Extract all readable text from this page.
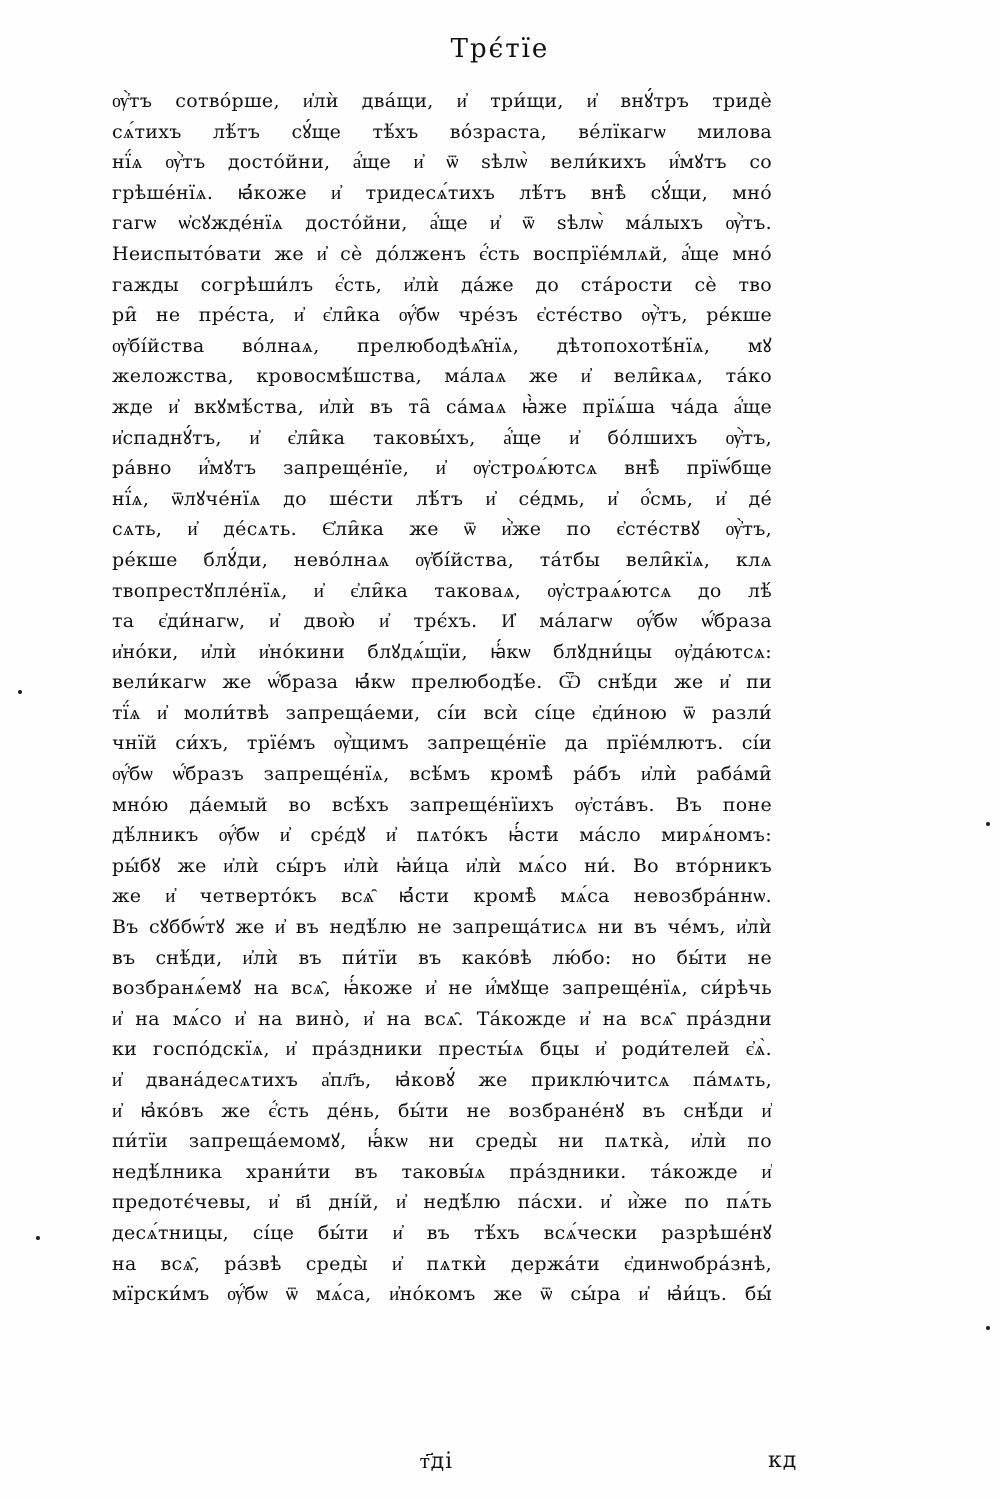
Трє́тїе
ѹ҆̀тъ сотво́рше, и҆лѝ два́щи, и҆ три́щи, и҆ внꙋ́тръ тридѐ
сѧ́тихъ лѣ́тъ сꙋ́ще тѣ́хъ во́зраста, ве́лїкагѡ милова
нї́ѧ ѹ҆̀тъ досто́йни, а҆́ще и҆ ѿ ѕѣлѡ̀ вели́кихъ и҆́мꙋтъ со
грѣше́нїѧ. ꙗ҆́коже и҆ тридесѧ́тихъ лѣ́тъ внѣ̀ сꙋ́щи, мно́
гагѡ ѡ҆сꙋжде́нїѧ досто́йни, а҆́ще и҆ ѿ ѕѣлѡ̀ ма́лыхъ ѹ҆̀тъ.
Неиспыто́вати же и҆ сѐ до́лженъ є҆́сть воспрїе́млѧй, а҆́ще мно́
гажды согрѣши́лъ є҆́сть, и҆лѝ да́же до ста́рости сѐ тво
ри̑ не пре́ста, и҆ є҆ли̑ка ѹ҆́бѡ чре́зъ є҆сте́ство ѹ҆̀тъ, ре́кше
ѹ҆бі́йства во́лнаѧ, прелюбодѣѧ̑нїѧ, дѣтопохотѣ́нїѧ, мꙋ
желожства, кровосмѣ́шства, ма́лаѧ же и҆ вели̑каѧ, та́ко
жде и҆ вкꙋмѣ́ства, и҆лѝ въ та̑ са́маѧ ꙗ҆̀же прїѧ́ша ча́да а҆́ще
и҆спаднꙋ́тъ, и҆ є҆ли̑ка таковы́хъ, а҆́ще и҆ бо́лшихъ ѹ҆̀тъ,
ра́вно и҆́мꙋтъ запреще́нїе, и҆ ѹ҆строѧ́ютсѧ внѣ̀ прїѡ́бще
нї́ѧ, ѿлꙋче́нїѧ до ше́сти лѣ́тъ и҆ се́дмь, и҆ о҆́смь, и҆ де́
сѧть, и҆ де́сѧть. Є҆ли̑ка же ѿ и҆̀же по є҆сте́ствꙋ ѹ҆̀тъ,
ре́кше блꙋ́ди, нево́лнаѧ ѹ҆бі́йства, та́тбы вели̑кїѧ, клѧ
твопрестꙋпле́нїѧ, и҆ є҆ли̑ка таковаѧ, ѹ҆страѧ́ютсѧ до лѣ́
та є҆ди́нагѡ, и҆ двою̀ и҆ трє́хъ. И҆ ма́лагѡ ѹ҆́бѡ ѡ҆́браза
и҆но́ки, и҆лѝ и҆но́кини блꙋдѧ́щїи, ꙗ҆́кѡ блꙋдни́цы ѹ҆да́ютсѧ:
вели́кагѡ же ѡ҆́браза ꙗ҆́кѡ прелюбодѣ́е. Ѿ снѣ́ди же и҆ пи
тї́ѧ и҆ моли́твѣ запреща́еми, сі́и всѝ сі́це є҆ди́ною ѿ разли́
чнїй си́хъ, трїе́мъ ѹ҆̀щимъ запреще́нїе да прїе́млютъ. сі́и
ѹ҆́бѡ ѡ҆́бразъ запреще́нїѧ, всѣ́мъ кромѣ̀ ра́бъ и҆лѝ раба́ми̑
мно́ю да́емый во всѣ́хъ запреще́нїихъ ѹ҆ста́въ. Въ поне
дѣ́лникъ ѹ҆́бѡ и҆ срє́дꙋ и҆ пѧто́къ ꙗ҆́сти ма́сло мирѧ́номъ:
ры́бꙋ же и҆лѝ сы́ръ и҆лѝ ꙗ҆и́ца и҆лѝ мѧ́со ни́. Во вто́рникъ
же и҆ четверто́къ всѧ̑ ꙗ҆́сти кромѣ̀ мѧ́са невозбра́ннѡ.
Въ сꙋббѡ́тꙋ же и҆ въ недѣ́лю не запреща́тисѧ ни въ че́мъ, и҆лѝ
въ снѣ́ди, и҆лѝ въ пи́тїи въ како́вѣ лю́бо: но бы́ти не
возбранѧ́емꙋ на всѧ̑, ꙗ҆́коже и҆ не и҆́мꙋще запреще́нїѧ, си́рѣчь
и҆ на мѧ́со и҆ на вино̀, и҆ на всѧ̑. Та́кожде и҆ на всѧ̑ пра́здни
ки госпо́дскїѧ, и҆ пра́здники престы́ѧ бцы и҆ роди́телей є҆ѧ̀.
и҆ двана́десѧтихъ а҆пл҃ъ, ꙗ҆ковꙋ́ же приклю́читсѧ па́мѧть,
и҆ ꙗ҆ко́въ же є҆́сть де́нь, бы́ти не возбране́нꙋ въ снѣ́ди и҆
пи́тїи запреща́емомꙋ, ꙗ҆́кѡ ни среды̀ ни пѧтка̀, и҆лѝ по
недѣ́лника храни́ти въ таковы́ѧ пра́здники. та́кожде и҆
предотє́чевы, и҆ в҃і дні́й, и҆ недѣ́лю па́схи. и҆ и҆̀же по пѧ́ть
десѧ́тницы, сі́це бы́ти и҆ въ тѣ́хъ всѧ́чески разрѣше́нꙋ
на всѧ̑, ра́звѣ среды̀ и҆ пѧткѝ держа́ти є҆динѡобра́знѣ,
мїрски́мъ ѹ҆́бѡ ѿ мѧ́са, и҆но́комъ же ѿ сы́ра и҆ ꙗ҆и́цъ. бы́
т҃ді	кд
